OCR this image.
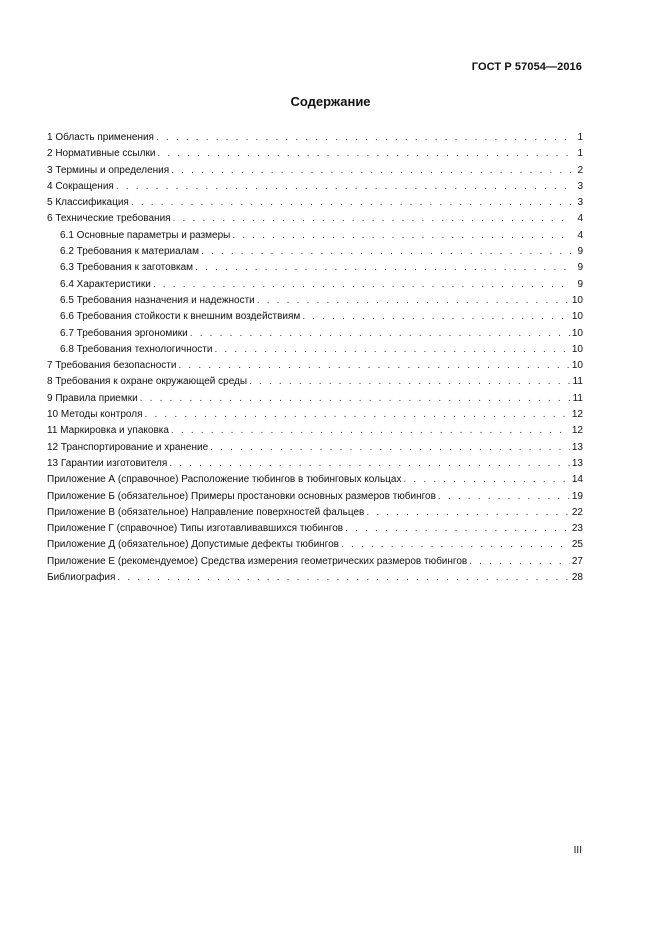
ГОСТ Р 57054—2016
Содержание
1 Область применения . . .	1
2 Нормативные ссылки . . .	1
3 Термины и определения . . .	2
4 Сокращения . . .	3
5 Классификация . . .	3
6 Технические требования . . .	4
6.1 Основные параметры и размеры . . .	4
6.2 Требования к материалам . . .	9
6.3 Требования к заготовкам . . .	9
6.4 Характеристики . . .	9
6.5 Требования назначения и надежности . . .	10
6.6 Требования стойкости к внешним воздействиям . . .	10
6.7 Требования эргономики . . .	10
6.8 Требования технологичности . . .	10
7 Требования безопасности . . .	10
8 Требования к охране окружающей среды . . .	11
9 Правила приемки . . .	11
10 Методы контроля . . .	12
11 Маркировка и упаковка . . .	12
12 Транспортирование и хранение . . .	13
13 Гарантии изготовителя . . .	13
Приложение А (справочное) Расположение тюбингов в тюбинговых кольцах . . .	14
Приложение Б (обязательное) Примеры простановки основных размеров тюбингов . . .	19
Приложение В (обязательное) Направление поверхностей фальцев . . .	22
Приложение Г (справочное) Типы изготавливавшихся тюбингов . . .	23
Приложение Д (обязательное) Допустимые дефекты тюбингов . . .	25
Приложение Е (рекомендуемое) Средства измерения геометрических размеров тюбингов . . .	27
Библиография . . .	28
III
